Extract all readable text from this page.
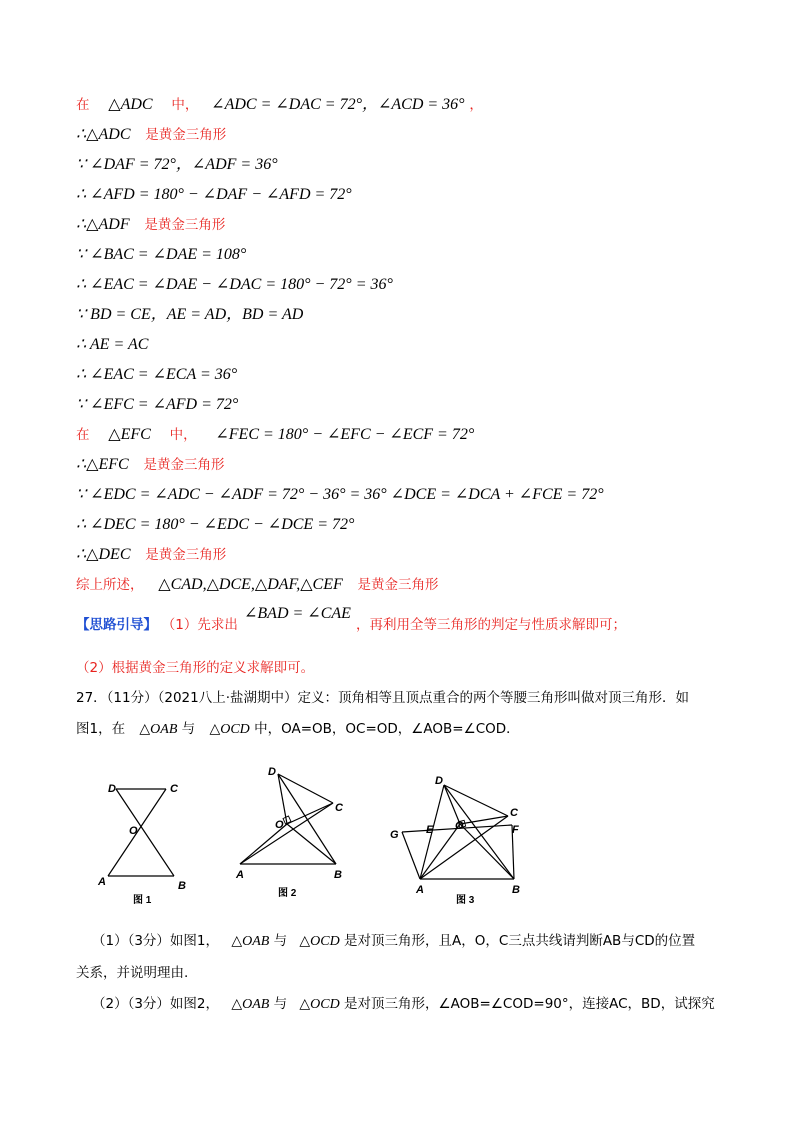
在 △ADC 中， ∠ADC = ∠DAC = 72°，∠ACD = 36° ，
∴△ADC 是黄金三角形
∵ ∠DAF = 72°，∠ADF = 36°
∴ ∠AFD = 180° − ∠DAF − ∠AFD = 72°
∴△ADF 是黄金三角形
∵ ∠BAC = ∠DAE = 108°
∴ ∠EAC = ∠DAE − ∠DAC = 180° − 72° = 36°
∵ BD = CE，AE = AD，BD = AD
∴ AE = AC
∴ ∠EAC = ∠ECA = 36°
∵ ∠EFC = ∠AFD = 72°
在 △EFC 中， ∠FEC = 180° − ∠EFC − ∠ECF = 72°
∴△EFC 是黄金三角形
∵ ∠EDC = ∠ADC − ∠ADF = 72° − 36° = 36° ∠DCE = ∠DCA + ∠FCE = 72°
∴ ∠DEC = 180° − ∠EDC − ∠DCE = 72°
∴△DEC 是黄金三角形
综上所述， △CAD,△DCE,△DAF,△CEF 是黄金三角形
【思路引导】 （1）先求出
∠BAD = ∠CAE
，再利用全等三角形的判定与性质求解即可；
（2）根据黄金三角形的定义求解即可。
27．（11分）（2021八上·盐湖期中）定义：顶角相等且顶点重合的两个等腰三角形叫做对顶三角形．如
图1，在 △OAB 与 △OCD 中，OA=OB，OC=OD，∠AOB=∠COD．
D	C
O
A	B
图 1
D
C
O
A	B
图 2
D
C
O	F
G E
A	B
图 3
（1）（3分）如图1， △OAB 与 △OCD 是对顶三角形，且A，O，C三点共线请判断AB与CD的位置
关系，并说明理由.
（2）（3分）如图2， △OAB 与 △OCD 是对顶三角形，∠AOB=∠COD=90°，连接AC，BD，试探究
